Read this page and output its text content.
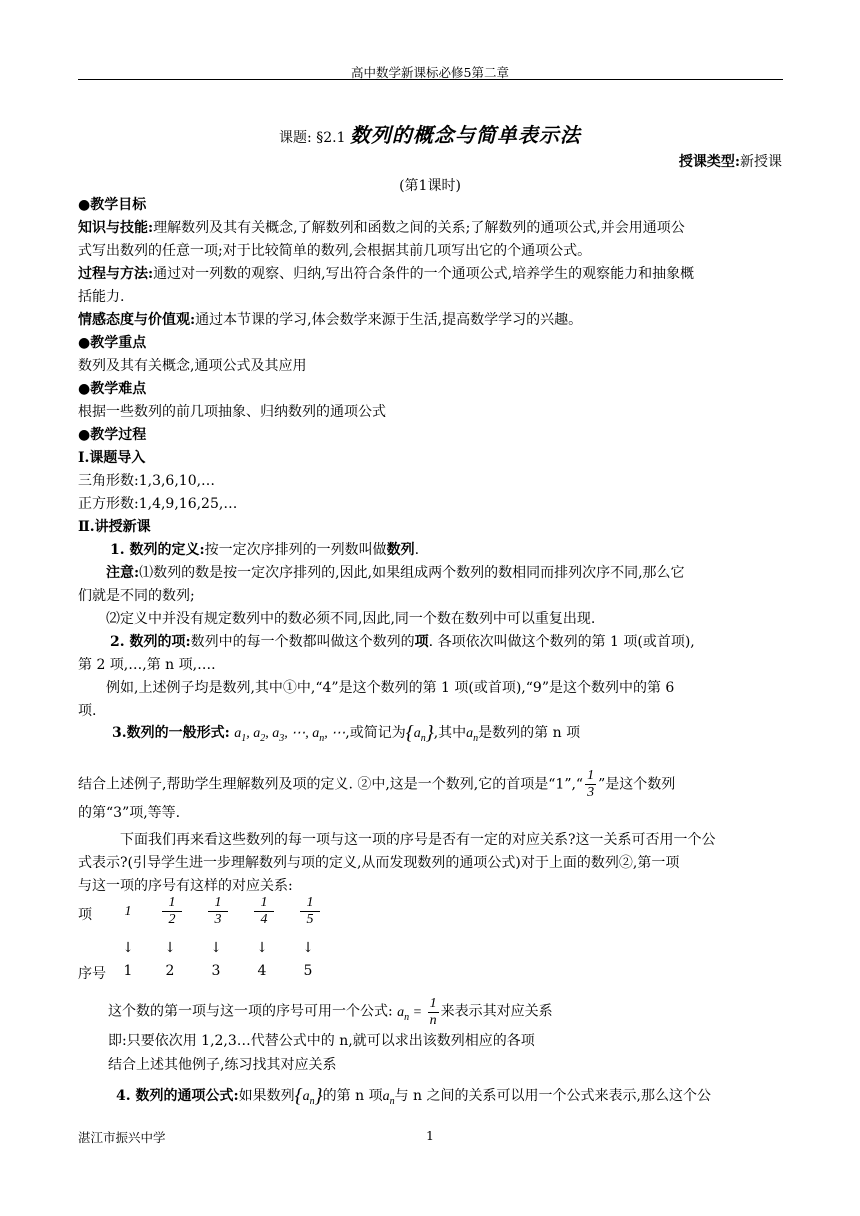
高中数学新课标必修5第二章
课题: §2.1 数列的概念与简单表示法
授课类型:新授课
(第1课时)
●教学目标
知识与技能:理解数列及其有关概念,了解数列和函数之间的关系;了解数列的通项公式,并会用通项公
式写出数列的任意一项;对于比较简单的数列,会根据其前几项写出它的个通项公式。
过程与方法:通过对一列数的观察、归纳,写出符合条件的一个通项公式,培养学生的观察能力和抽象概
括能力.
情感态度与价值观:通过本节课的学习,体会数学来源于生活,提高数学学习的兴趣。
●教学重点
数列及其有关概念,通项公式及其应用
●教学难点
根据一些数列的前几项抽象、归纳数列的通项公式
●教学过程
Ⅰ.课题导入
三角形数:1,3,6,10,…
正方形数:1,4,9,16,25,…
Ⅱ.讲授新课
1. 数列的定义:按一定次序排列的一列数叫做数列.
注意:⑴数列的数是按一定次序排列的,因此,如果组成两个数列的数相同而排列次序不同,那么它
们就是不同的数列;
⑵定义中并没有规定数列中的数必须不同,因此,同一个数在数列中可以重复出现.
2. 数列的项:数列中的每一个数都叫做这个数列的项. 各项依次叫做这个数列的第 1 项(或首项),
第 2 项,…,第 n 项,….
例如,上述例子均是数列,其中①中,“4”是这个数列的第 1 项(或首项),“9”是这个数列中的第 6
项.
3.数列的一般形式: $a_1$, $a_2$, $a_3$, ⋯, $a_n$, ⋯,或简记为$\{a_n\}$,其中$a_n$是数列的第 n 项
结合上述例子,帮助学生理解数列及项的定义. ②中,这是一个数列,它的首项是“1”,“ $\frac{1}{3}$ ”是这个数列
的第“3”项,等等.
下面我们再来看这些数列的每一项与这一项的序号是否有一定的对应关系?这一关系可否用一个公
式表示?(引导学生进一步理解数列与项的定义,从而发现数列的通项公式)对于上面的数列②,第一项
与这一项的序号有这样的对应关系:
项	1	$\frac{1}{2} \frac{1}{3} \frac{1}{4} \frac{1}{5}$
↓ ↓ ↓ ↓ ↓
序号	1	2	3	4	5
这个数的第一项与这一项的序号可用一个公式: $a_n = \frac{1}{n}$ 来表示其对应关系
即:只要依次用 1,2,3…代替公式中的 n,就可以求出该数列相应的各项
结合上述其他例子,练习找其对应关系
4. 数列的通项公式:如果数列$\{a_n\}$的第 n 项$a_n$与 n 之间的关系可以用一个公式来表示,那么这个公
湛江市振兴中学	1
